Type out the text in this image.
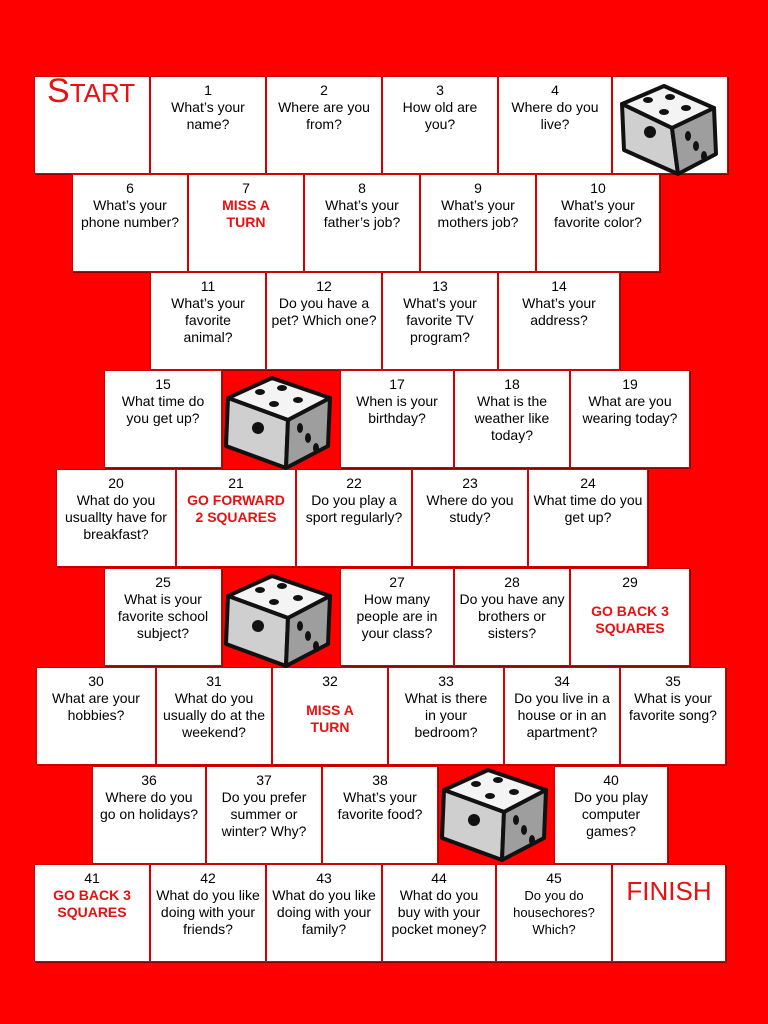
START	1
What’s your name?
2
Where are you from?
3
How old are you?
4
Where do you live?
6
What’s your phone number?
7
MISS A TURN
8
What’s your father’s job?
9
What’s your mothers job?
10
What’s your favorite color?
11
What’s your favorite animal?
12
Do you have a pet? Which one?
13
What’s your favorite TV program?
14
What’s your address?
15
What time do you get up?
17
When is your birthday?
18
What is the weather like today?
19
What are you wearing today?
20
What do you usuallty have for breakfast?
21
GO FORWARD 2 SQUARES
22
Do you play a sport regularly?
23
Where do you study?
24
What time do you get up?
25
What is your favorite school subject?
27
How many people are in your class?
28
Do you have any brothers or sisters?
29
GO BACK 3 SQUARES
30
What are your hobbies?
31
What do you usually do at the weekend?
32
MISS A TURN
33
What is there in your bedroom?
34
Do you live in a house or in an apartment?
35
What is your favorite song?
36
Where do you go on holidays?
37
Do you prefer summer or winter? Why?
38
What’s your favorite food?
40
Do you play computer games?
41
GO BACK 3 SQUARES
42
What do you like doing with your friends?
43
What do you like doing with your family?
44
What do you buy with your pocket money?
45
Do you do housechores? Which?
FINISH
